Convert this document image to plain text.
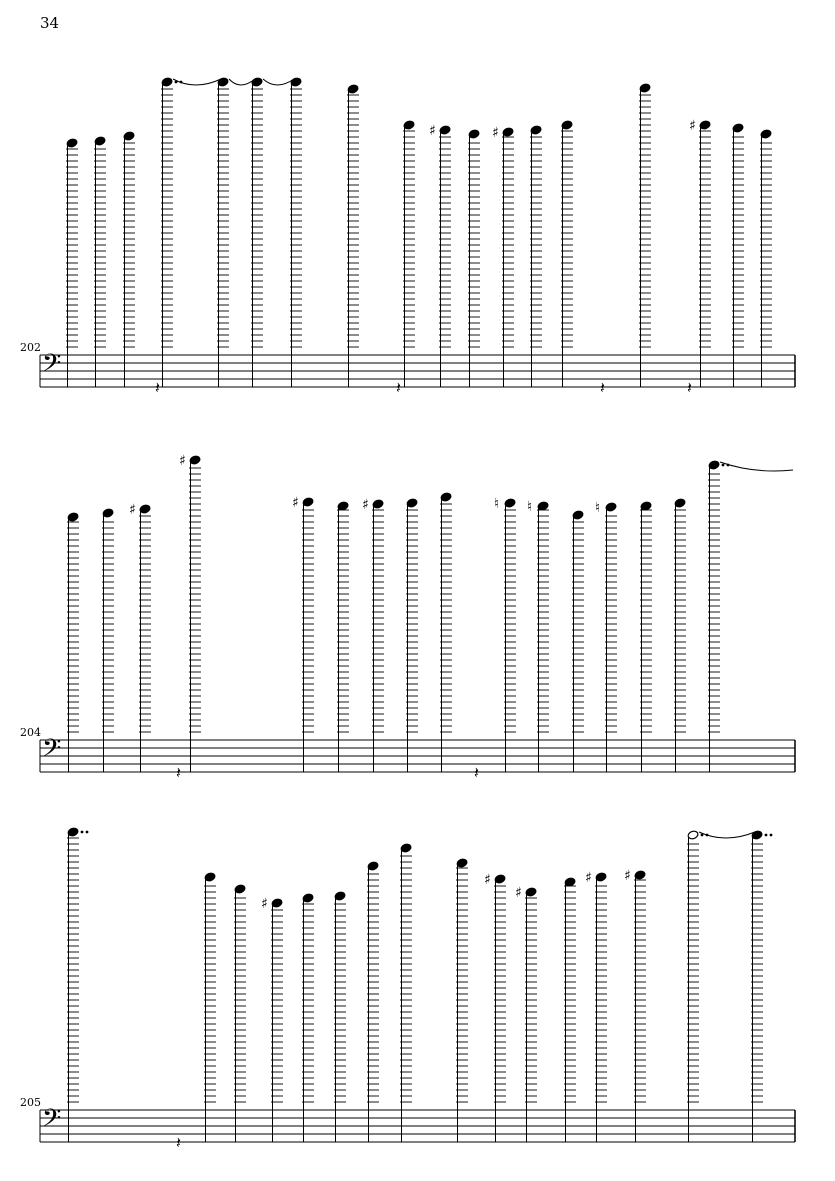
34
𝄢
♯	♯	♯
𝄽	𝄽	𝄽	𝄽
𝄢
♯
♯
♯	♯	♮ ♮	♮
𝄽	𝄽
𝄢
♯
♯
♯
♯ ♯
𝄽
202
204
205
